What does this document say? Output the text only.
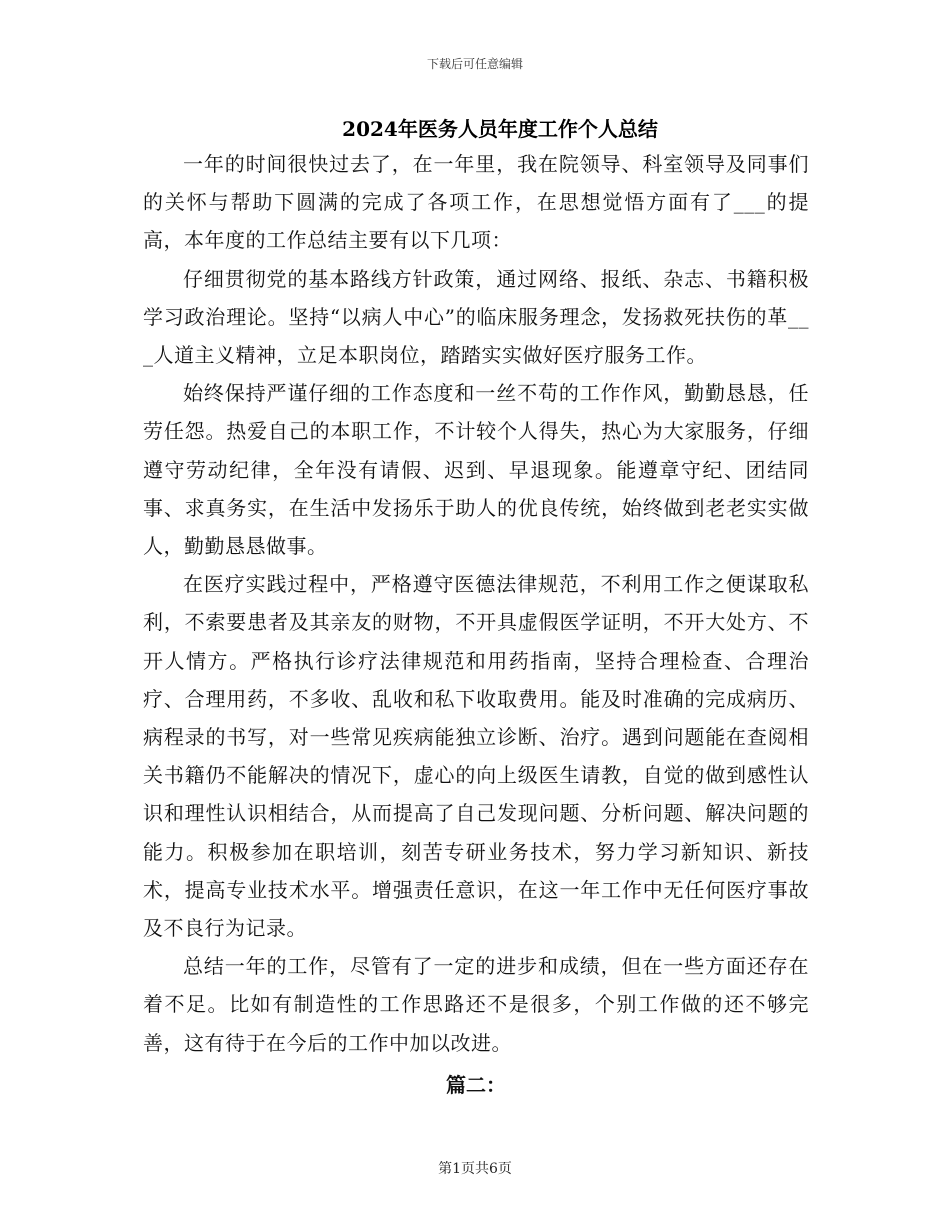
下载后可任意编辑
2024年医务人员年度工作个人总结

一年的时间很快过去了，在一年里，我在院领导、科室领导及同事们的关怀与帮助下圆满的完成了各项工作，在思想觉悟方面有了___的提高，本年度的工作总结主要有以下几项：

仔细贯彻党的基本路线方针政策，通过网络、报纸、杂志、书籍积极学习政治理论。坚持“以病人中心”的临床服务理念，发扬救死扶伤的革___人道主义精神，立足本职岗位，踏踏实实做好医疗服务工作。

始终保持严谨仔细的工作态度和一丝不苟的工作作风，勤勤恳恳，任劳任怨。热爱自己的本职工作，不计较个人得失，热心为大家服务，仔细遵守劳动纪律，全年没有请假、迟到、早退现象。能遵章守纪、团结同事、求真务实，在生活中发扬乐于助人的优良传统，始终做到老老实实做人，勤勤恳恳做事。

在医疗实践过程中，严格遵守医德法律规范，不利用工作之便谋取私利，不索要患者及其亲友的财物，不开具虚假医学证明，不开大处方、不开人情方。严格执行诊疗法律规范和用药指南，坚持合理检查、合理治疗、合理用药，不多收、乱收和私下收取费用。能及时准确的完成病历、病程录的书写，对一些常见疾病能独立诊断、治疗。遇到问题能在查阅相关书籍仍不能解决的情况下，虚心的向上级医生请教，自觉的做到感性认识和理性认识相结合，从而提高了自己发现问题、分析问题、解决问题的能力。积极参加在职培训，刻苦专研业务技术，努力学习新知识、新技术，提高专业技术水平。增强责任意识，在这一年工作中无任何医疗事故及不良行为记录。

总结一年的工作，尽管有了一定的进步和成绩，但在一些方面还存在着不足。比如有制造性的工作思路还不是很多，个别工作做的还不够完善，这有待于在今后的工作中加以改进。

篇二：

第1页共6页
